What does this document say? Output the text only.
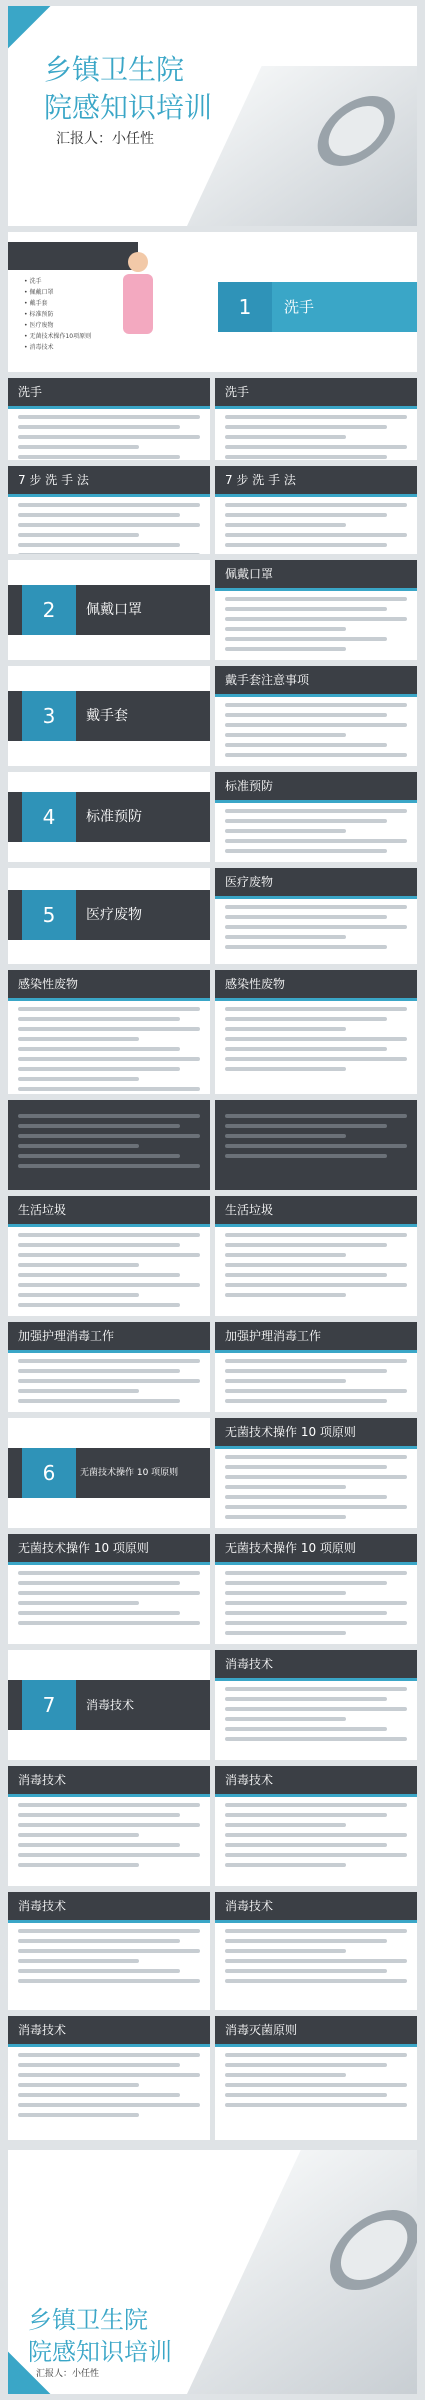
乡镇卫生院
院感知识培训
汇报人：小任性
• 洗手
• 佩戴口罩
• 戴手套
• 标准预防
• 医疗废物
• 无菌技术操作10项原则
• 消毒技术
1	洗手
洗手	洗手
7 步 洗 手 法	7 步 洗 手 法
2	佩戴口罩
佩戴口罩
3	戴手套
戴手套注意事项
4	标准预防
标准预防
5	医疗废物
医疗废物
感染性废物	感染性废物
生活垃圾	生活垃圾
加强护理消毒工作	加强护理消毒工作
6	无菌技术操作 10 项原则
无菌技术操作 10 项原则
无菌技术操作 10 项原则	无菌技术操作 10 项原则
7	消毒技术
消毒技术
消毒技术	消毒技术
消毒技术	消毒技术
消毒技术	消毒灭菌原则
乡镇卫生院
院感知识培训
汇报人：小任性
